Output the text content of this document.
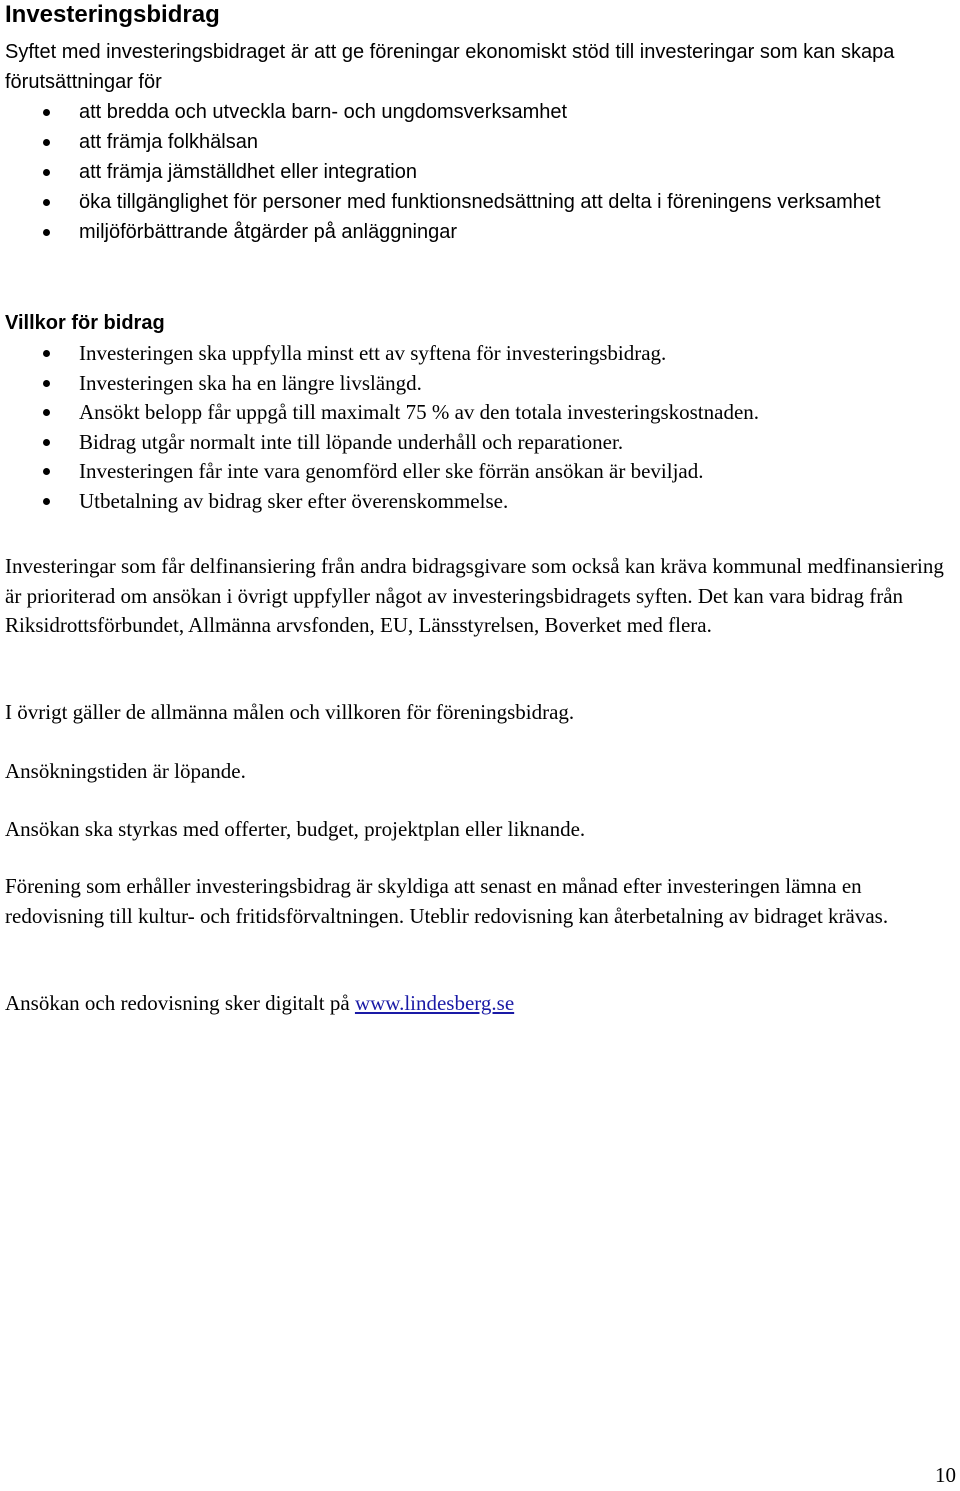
Investeringsbidrag

Syftet med investeringsbidraget är att ge föreningar ekonomiskt stöd till investeringar som kan skapa förutsättningar för

att bredda och utveckla barn- och ungdomsverksamhet
att främja folkhälsan
att främja jämställdhet eller integration
öka tillgänglighet för personer med funktionsnedsättning att delta i föreningens verksamhet
miljöförbättrande åtgärder på anläggningar
Villkor för bidrag
Investeringen ska uppfylla minst ett av syftena för investeringsbidrag.
Investeringen ska ha en längre livslängd.
Ansökt belopp får uppgå till maximalt 75 % av den totala investeringskostnaden.
Bidrag utgår normalt inte till löpande underhåll och reparationer.
Investeringen får inte vara genomförd eller ske förrän ansökan är beviljad.
Utbetalning av bidrag sker efter överenskommelse.

Investeringar som får delfinansiering från andra bidragsgivare som också kan kräva kommunal medfinansiering är prioriterad om ansökan i övrigt uppfyller något av investeringsbidragets syften. Det kan vara bidrag från Riksidrottsförbundet, Allmänna arvsfonden, EU, Länsstyrelsen, Boverket med flera.

I övrigt gäller de allmänna målen och villkoren för föreningsbidrag.

Ansökningstiden är löpande.

Ansökan ska styrkas med offerter, budget, projektplan eller liknande.

Förening som erhåller investeringsbidrag är skyldiga att senast en månad efter investeringen lämna en redovisning till kultur- och fritidsförvaltningen. Uteblir redovisning kan återbetalning av bidraget krävas.

Ansökan och redovisning sker digitalt på www.lindesberg.se

10
